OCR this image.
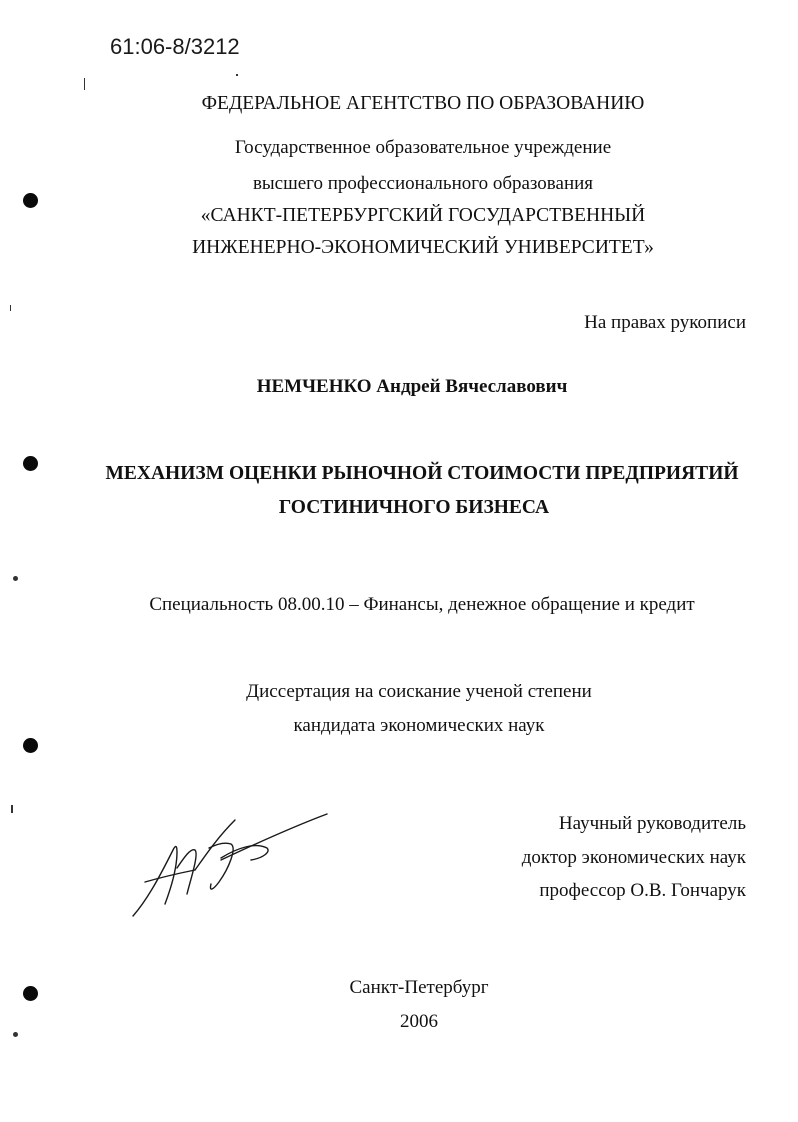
61:06-8/3212
ФЕДЕРАЛЬНОЕ АГЕНТСТВО ПО ОБРАЗОВАНИЮ
Государственное образовательное учреждение
высшего профессионального образования
«САНКТ-ПЕТЕРБУРГСКИЙ ГОСУДАРСТВЕННЫЙ
ИНЖЕНЕРНО-ЭКОНОМИЧЕСКИЙ УНИВЕРСИТЕТ»
На правах рукописи
НЕМЧЕНКО Андрей Вячеславович
МЕХАНИЗМ ОЦЕНКИ РЫНОЧНОЙ СТОИМОСТИ ПРЕДПРИЯТИЙ
ГОСТИНИЧНОГО БИЗНЕСА
Специальность 08.00.10 – Финансы, денежное обращение и кредит
Диссертация на соискание ученой степени
кандидата экономических наук
Научный руководитель
доктор экономических наук
профессор О.В. Гончарук
Санкт-Петербург
2006
